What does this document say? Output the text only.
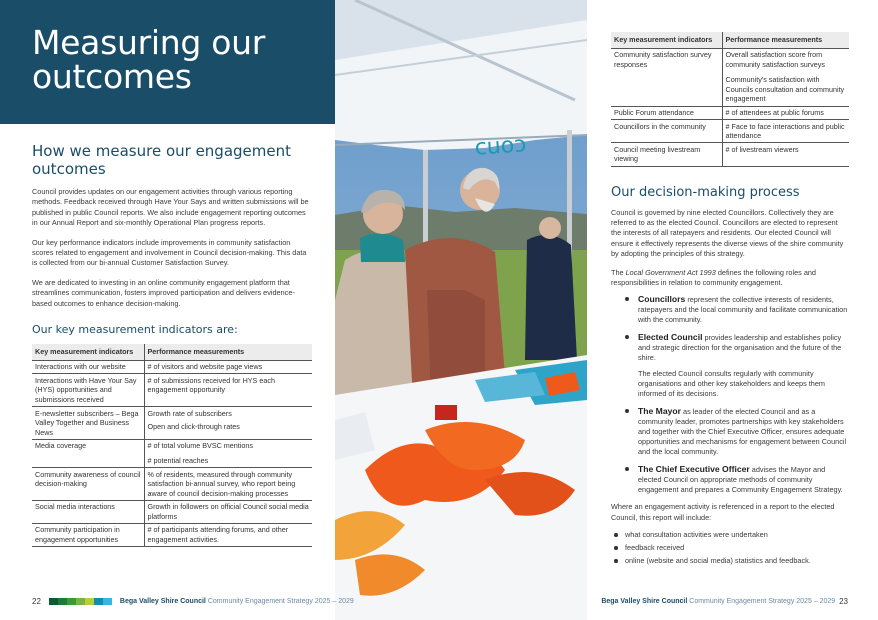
Measuring our outcomes
cuoɔ
How we measure our engagement outcomes

Council provides updates on our engagement activities through various reporting methods. Feedback received through Have Your Says and written submissions will be published in public Council reports. We also include engagement reporting outcomes in our Annual Report and six-monthly Operational Plan progress reports.

Our key performance indicators include improvements in community satisfaction scores related to engagement and involvement in Council decision-making. This data is collected from our bi-annual Customer Satisfaction Survey.

We are dedicated to investing in an online community engagement platform that streamlines communication, fosters improved participation and delivers evidence-based outcomes to enhance decision-making.

Our key measurement indicators are:
Key measurement indicators	Performance measurements
Interactions with our website	# of visitors and website page views
Interactions with Have Your Say (HYS) opportunities and submissions received	# of submissions received for HYS each engagement opportunity
E-newsletter subscribers – Bega Valley Together and Business News	Growth rate of subscribers
Open and click-through rates

Media coverage	# of total volume BVSC mentions
# potential reaches

Community awareness of council decision-making	% of residents, measured through community satisfaction bi-annual survey, who report being aware of council decision-making processes
Social media interactions	Growth in followers on official Council social media platforms
Community participation in engagement opportunities	# of participants attending forums, and other engagement activities.
22	Bega Valley Shire Council
Community Engagement Strategy 2025 – 2029
Key measurement indicators	Performance measurements
Community satisfaction survey responses	Overall satisfaction score from community satisfaction surveys
Community's satisfaction with Councils consultation and community engagement

Public Forum attendance	# of attendees at public forums
Councillors in the community	# Face to face interactions and public attendance
Council meeting livestream viewing	# of livestream viewers
Our decision-making process

Council is governed by nine elected Councillors. Collectively they are referred to as the elected Council. Councillors are elected to represent the interests of all ratepayers and residents. Our elected Council will ensure it effectively represents the diverse views of the shire community by adopting the principles of this strategy.

The Local Government Act 1993 defines the following roles and responsibilities in relation to community engagement.

Councillors represent the collective interests of residents, ratepayers and the local community and facilitate communication with the community.
Elected Council provides leadership and establishes policy and strategic direction for the organisation and the future of the shire.
The elected Council consults regularly with community organisations and other key stakeholders and keeps them informed of its decisions.
The Mayor as leader of the elected Council and as a community leader, promotes partnerships with key stakeholders and together with the Chief Executive Officer, ensures adequate opportunities and mechanisms for engagement between Council and the local community.
The Chief Executive Officer advises the Mayor and elected Council on appropriate methods of community engagement and prepares a Community Engagement Strategy.

Where an engagement activity is referenced in a report to the elected Council, this report will include:

what consultation activities were undertaken
feedback received
online (website and social media) statistics and feedback.
Bega Valley Shire Council
Community Engagement Strategy 2025 – 2029
23
